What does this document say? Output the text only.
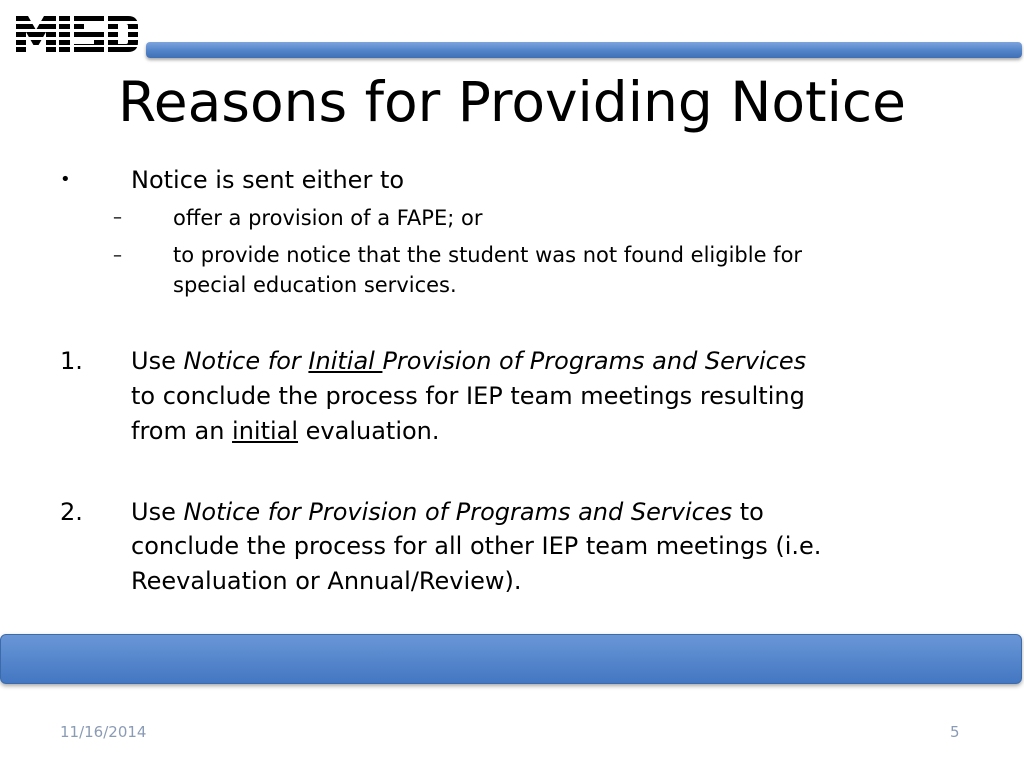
Reasons for Providing Notice
•	Notice is sent either to

– offer a provision of a FAPE; or

– to provide notice that the student was not found eligible for

special education services.

1. Use Notice for Initial Provision of Programs and Services

to conclude the process for IEP team meetings resulting

from an initial evaluation.

2. Use Notice for Provision of Programs and Services to

conclude the process for all other IEP team meetings (i.e.

Reevaluation or Annual/Review).

11/16/2014	5
